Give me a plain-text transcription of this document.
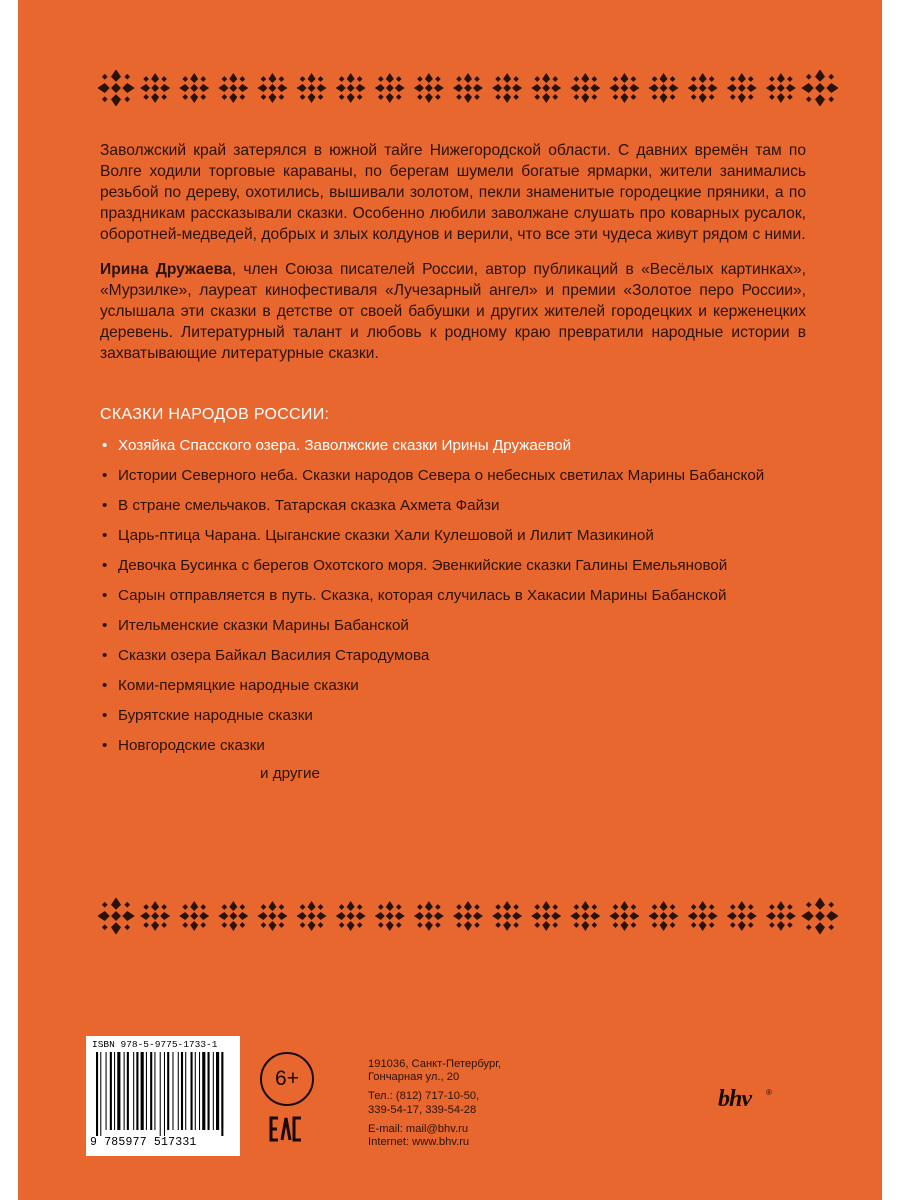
Заволжский край затерялся в южной тайге Нижегородской области. С давних времён там по Волге ходили торговые караваны, по берегам шумели богатые ярмарки, жители занимались резьбой по дереву, охотились, вышивали золотом, пекли знаменитые городецкие пряники, а по праздникам рассказывали сказки. Особенно любили заволжане слушать про коварных русалок, оборотней-медведей, добрых и злых колдунов и верили, что все эти чудеса живут рядом с ними.

Ирина Дружаева, член Союза писателей России, автор публикаций в «Весёлых картинках», «Мурзилке», лауреат кинофестиваля «Лучезарный ангел» и премии «Золотое перо России», услышала эти сказки в детстве от своей бабушки и других жителей городецких и керженецких деревень. Литературный талант и любовь к родному краю превратили народные истории в захватывающие литературные сказки.

СКАЗКИ НАРОДОВ РОССИИ:
• Хозяйка Спасского озера. Заволжские сказки Ирины Дружаевой
• Истории Северного неба. Сказки народов Севера о небесных светилах Марины Бабанской
• В стране смельчаков. Татарская сказка Ахмета Файзи
• Царь-птица Чарана. Цыганские сказки Хали Кулешовой и Лилит Мазикиной
• Девочка Бусинка с берегов Охотского моря. Эвенкийские сказки Галины Емельяновой
• Сарын отправляется в путь. Сказка, которая случилась в Хакасии Марины Бабанской
• Ительменские сказки Марины Бабанской
• Сказки озера Байкал Василия Стародумова
• Коми-пермяцкие народные сказки
• Бурятские народные сказки
• Новгородские сказки
и другие
ISBN 978-5-9775-1733-1
9 785977 517331
6+
191036, Санкт-Петербург,
Гончарная ул., 20
Тел.: (812) 717-10-50,
339-54-17, 339-54-28
E-mail: mail@bhv.ru
Internet: www.bhv.ru
bhv ®
